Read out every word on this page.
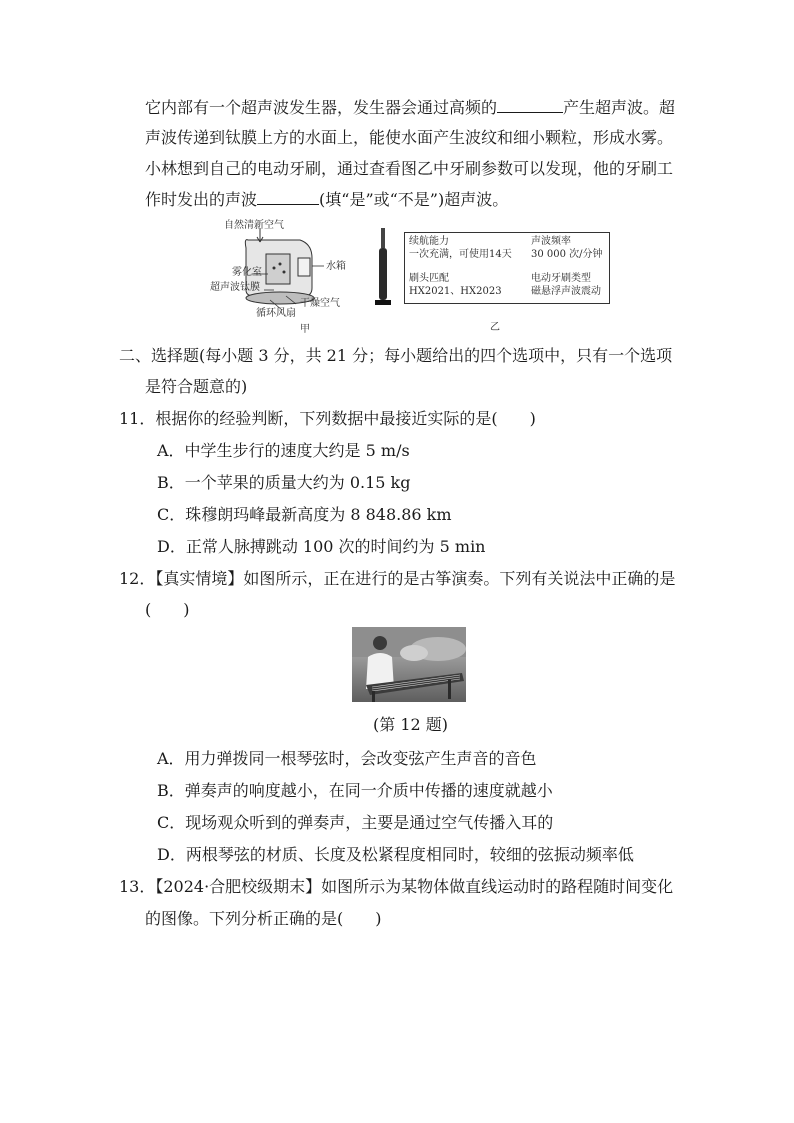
它内部有一个超声波发生器，发生器会通过高频的	产生超声波。超
声波传递到钛膜上方的水面上，能使水面产生波纹和细小颗粒，形成水雾。
小林想到自己的电动牙刷，通过查看图乙中牙刷参数可以发现，他的牙刷工
作时发出的声波	(填“是”或“不是”)超声波。
自然清新空气
水箱
雾化室
超声波钛膜
干燥空气
循环风扇
甲
续航能力
一次充满，可使用14天
声波频率
30 000 次/分钟
刷头匹配
HX2021、HX2023
电动牙刷类型
磁悬浮声波震动
乙
二、选择题(每小题 3 分，共 21 分；每小题给出的四个选项中，只有一个选项
是符合题意的)
11．根据你的经验判断，下列数据中最接近实际的是(　　)
A．中学生步行的速度大约是 5 m/s
B．一个苹果的质量大约为 0.15 kg
C．珠穆朗玛峰最新高度为 8 848.86 km
D．正常人脉搏跳动 100 次的时间约为 5 min
12．【真实情境】如图所示，正在进行的是古筝演奏。下列有关说法中正确的是
(　　)
(第 12 题)
A．用力弹拨同一根琴弦时，会改变弦产生声音的音色
B．弹奏声的响度越小，在同一介质中传播的速度就越小
C．现场观众听到的弹奏声，主要是通过空气传播入耳的
D．两根琴弦的材质、长度及松紧程度相同时，较细的弦振动频率低
13．【2024·合肥校级期末】如图所示为某物体做直线运动时的路程随时间变化
的图像。下列分析正确的是(　　)
